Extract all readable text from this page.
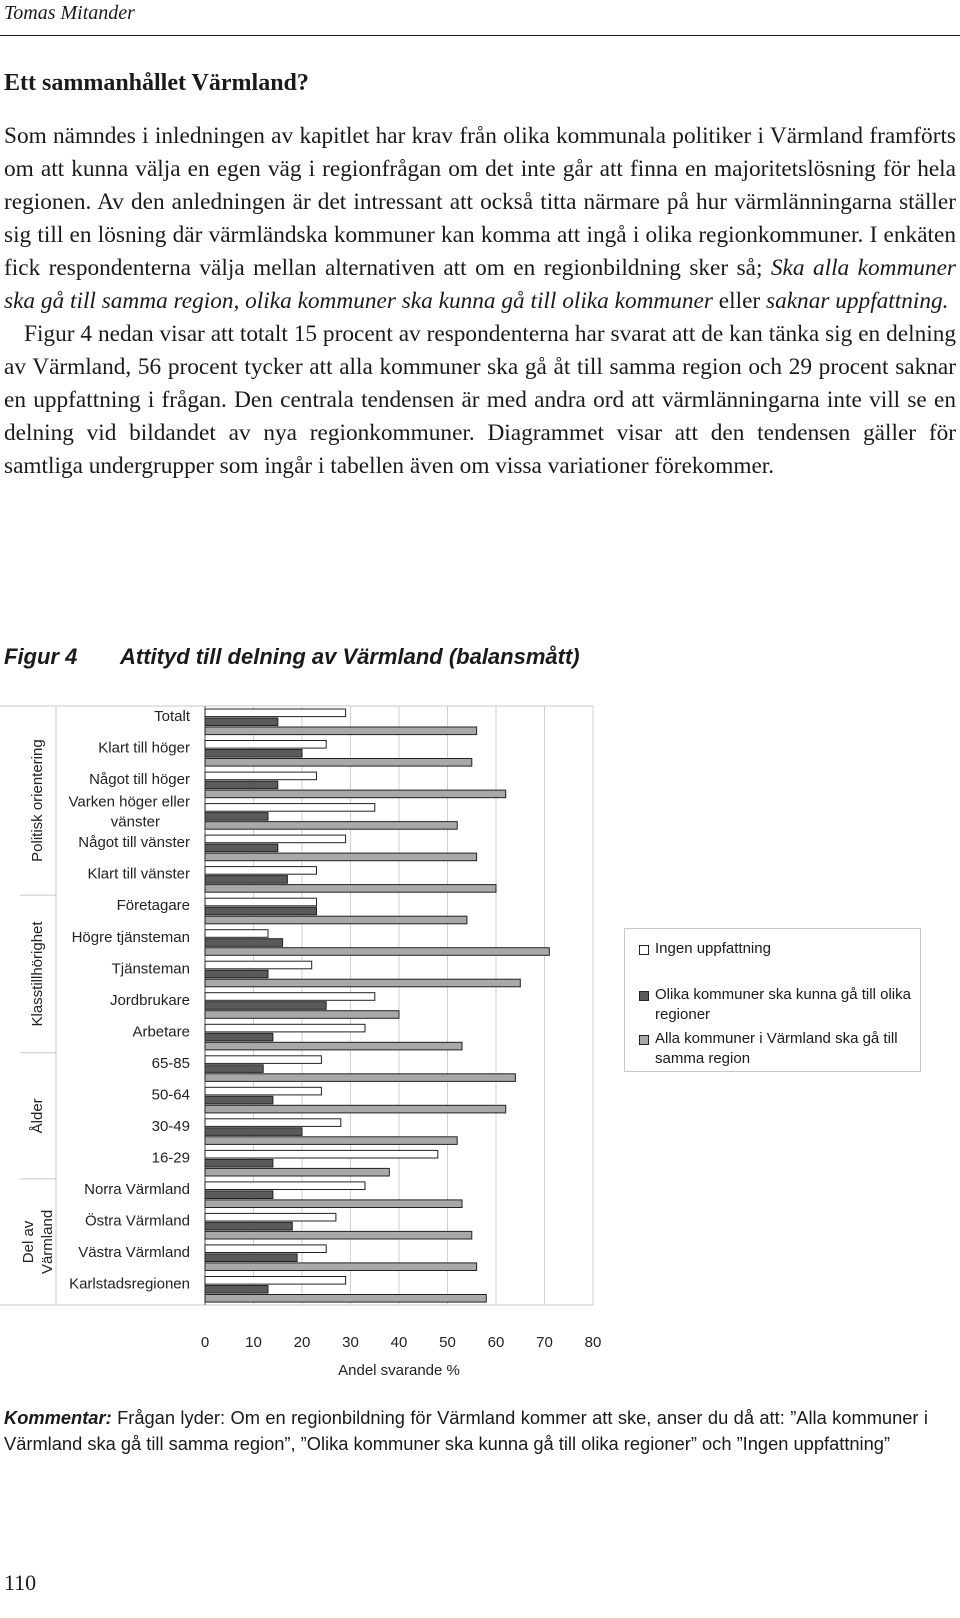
Tomas Mitander
Ett sammanhållet Värmland?

Som nämndes i inledningen av kapitlet har krav från olika kommunala politiker i Värmland framförts om att kunna välja en egen väg i regionfrågan om det inte går att finna en majoritetslösning för hela regionen. Av den anledningen är det intressant att också titta närmare på hur värmlänningarna ställer sig till en lösning där värmländska kommuner kan komma att ingå i olika regionkommuner. I enkäten fick respondenterna välja mellan alternativen att om en regionbildning sker så; Ska alla kommuner ska gå till samma region, olika kommuner ska kunna gå till olika kommuner eller saknar uppfattning.

Figur 4 nedan visar att totalt 15 procent av respondenterna har svarat att de kan tänka sig en delning av Värmland, 56 procent tycker att alla kommuner ska gå åt till samma region och 29 procent saknar en uppfattning i frågan. Den centrala tendensen är med andra ord att värmlänningarna inte vill se en delning vid bildandet av nya regionkommuner. Diagrammet visar att den tendensen gäller för samtliga undergrupper som ingår i tabellen även om vissa variationer förekommer.

Figur 4 Attityd till delning av Värmland (balansmått)
0 10 20 30 40 50 60 70 80
Andel svarande %
Politisk orientering
Klasstillhörighet
Ålder
Del av Värmland
Totalt
Klart till höger
Något till höger
Varken höger eller vänster
Något till vänster
Klart till vänster
Företagare
Högre tjänsteman
Tjänsteman
Jordbrukare
Arbetare
65-85
50-64
30-49
16-29
Norra Värmland
Östra Värmland
Västra Värmland
Karlstadsregionen
Ingen uppfattning
Olika kommuner ska kunna gå till olika regioner
Alla kommuner i Värmland ska gå till samma region

Kommentar: Frågan lyder: Om en regionbildning för Värmland kommer att ske, anser du då att: ”Alla kommuner i Värmland ska gå till samma region”, ”Olika kommuner ska kunna gå till olika regioner” och ”Ingen uppfattning”

110
